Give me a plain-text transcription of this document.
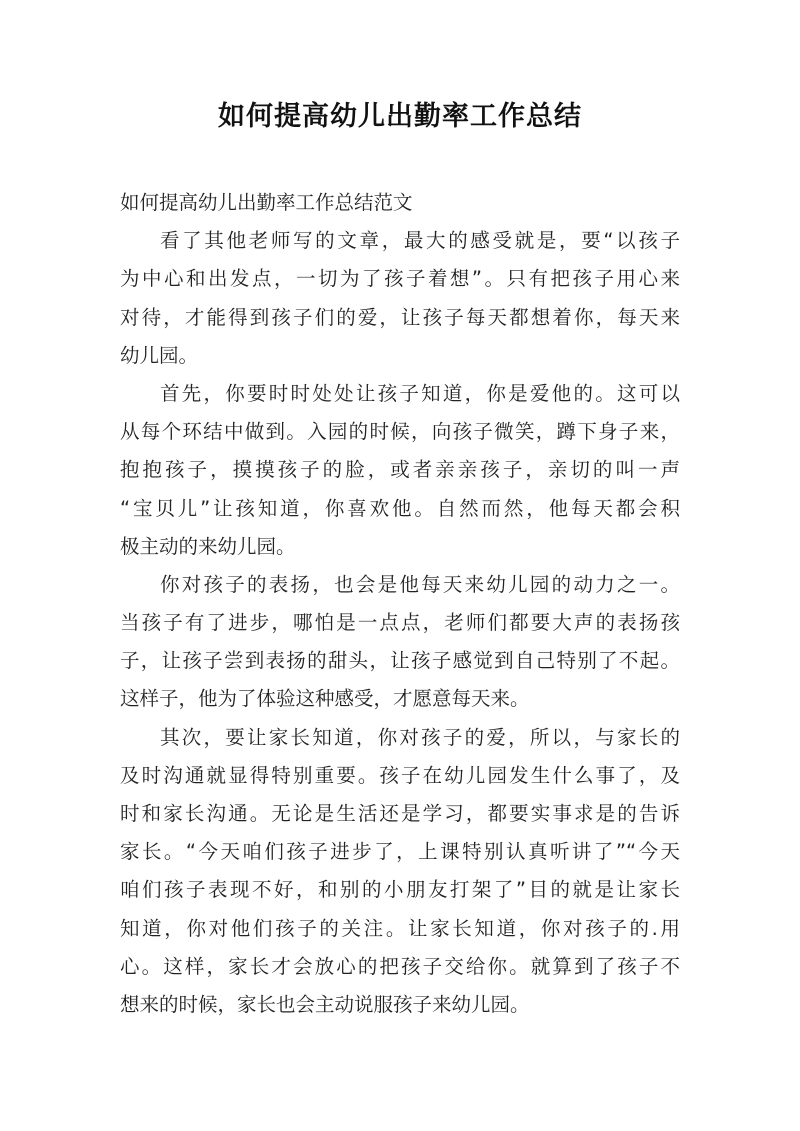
如何提高幼儿出勤率工作总结
如何提高幼儿出勤率工作总结范文
看了其他老师写的文章，最大的感受就是，要“以孩子
为中心和出发点，一切为了孩子着想”。只有把孩子用心来
对待，才能得到孩子们的爱，让孩子每天都想着你，每天来
幼儿园。
首先，你要时时处处让孩子知道，你是爱他的。这可以
从每个环结中做到。入园的时候，向孩子微笑，蹲下身子来，
抱抱孩子，摸摸孩子的脸，或者亲亲孩子，亲切的叫一声
“宝贝儿”让孩知道，你喜欢他。自然而然，他每天都会积
极主动的来幼儿园。
你对孩子的表扬，也会是他每天来幼儿园的动力之一。
当孩子有了进步，哪怕是一点点，老师们都要大声的表扬孩
子，让孩子尝到表扬的甜头，让孩子感觉到自己特别了不起。
这样子，他为了体验这种感受，才愿意每天来。
其次，要让家长知道，你对孩子的爱，所以，与家长的
及时沟通就显得特别重要。孩子在幼儿园发生什么事了，及
时和家长沟通。无论是生活还是学习，都要实事求是的告诉
家长。“今天咱们孩子进步了，上课特别认真听讲了”“今天
咱们孩子表现不好，和别的小朋友打架了”目的就是让家长
知道，你对他们孩子的关注。让家长知道，你对孩子的.用
心。这样，家长才会放心的把孩子交给你。就算到了孩子不
想来的时候，家长也会主动说服孩子来幼儿园。
